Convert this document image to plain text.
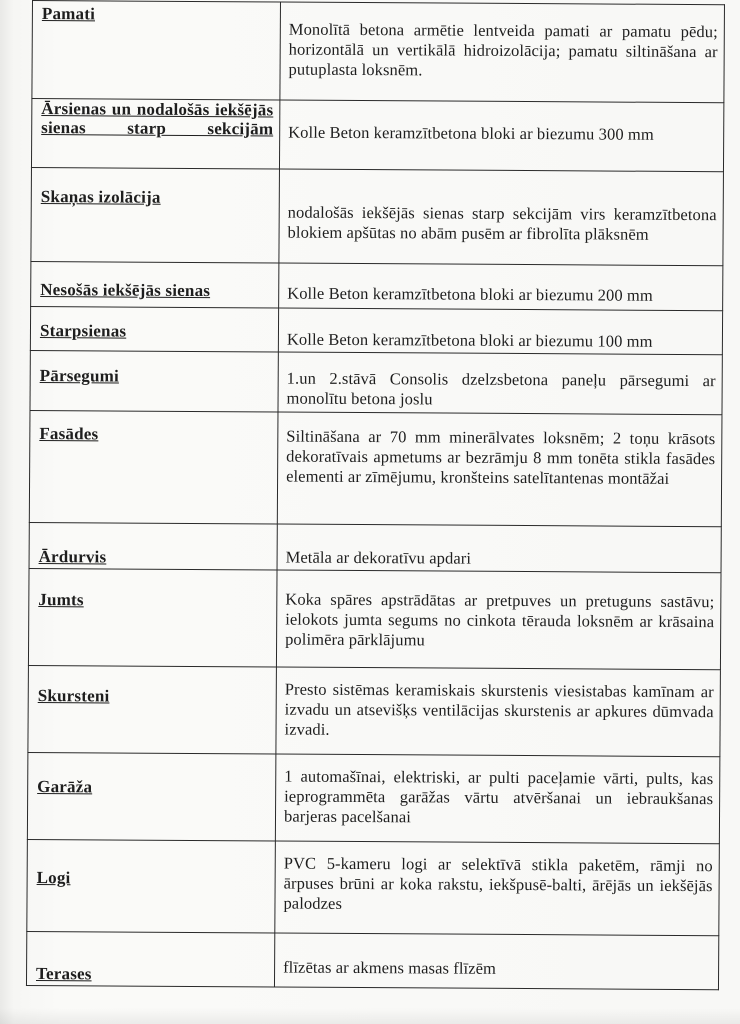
Pamati	Monolītā betona armētie lentveida pamati ar pamatu pēdu; horizontālā un vertikālā hidroizolācija; pamatu siltināšana ar putuplasta loksnēm.

Ārsienas un nodalošās iekšējās sienas starp sekcijām	Kolle Beton keramzītbetona bloki ar biezumu 300 mm

Skaņas izolācija	nodalošās iekšējās sienas starp sekcijām virs keramzītbetona blokiem apšūtas no abām pusēm ar fibrolīta plāksnēm

Nesošās iekšējās sienas	Kolle Beton keramzītbetona bloki ar biezumu 200 mm

Starpsienas	Kolle Beton keramzītbetona bloki ar biezumu 100 mm

Pārsegumi	1.un 2.stāvā Consolis dzelzsbetona paneļu pārsegumi ar monolītu betona joslu

Fasādes	Siltināšana ar 70 mm minerālvates loksnēm; 2 toņu krāsots dekoratīvais apmetums ar bezrāmju 8 mm tonēta stikla fasādes elementi ar zīmējumu, kronšteins satelītantenas montāžai

Ārdurvis	Metāla ar dekoratīvu apdari

Jumts	Koka spāres apstrādātas ar pretpuves un pretuguns sastāvu; ielokots jumta segums no cinkota tērauda loksnēm ar krāsaina polimēra pārklājumu

Skursteni	Presto sistēmas keramiskais skurstenis viesistabas kamīnam ar izvadu un atsevišķs ventilācijas skurstenis ar apkures dūmvada izvadi.

Garāža	1 automašīnai, elektriski, ar pulti paceļamie vārti, pults, kas ieprogrammēta garāžas vārtu atvēršanai un iebraukšanas barjeras pacelšanai

Logi	PVC 5-kameru logi ar selektīvā stikla paketēm, rāmji no ārpuses brūni ar koka rakstu, iekšpusē-balti, ārējās un iekšējās palodzes

Terases	flīzētas ar akmens masas flīzēm
